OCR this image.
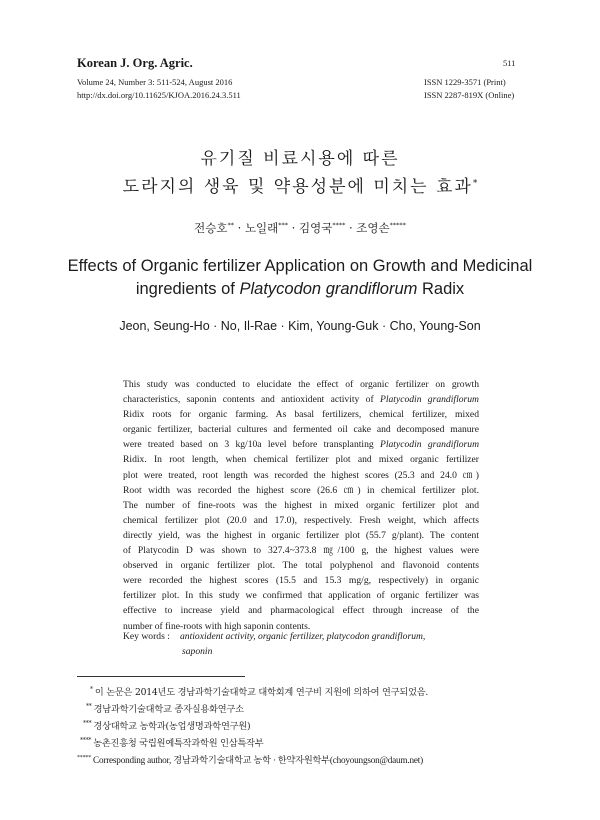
Korean J. Org. Agric.
Volume 24, Number 3: 511-524, August 2016
http://dx.doi.org/10.11625/KJOA.2016.24.3.511
511
ISSN 1229-3571 (Print)
ISSN 2287-819X (Online)
유기질 비료시용에 따른
도라지의 생육 및 약용성분에 미치는 효과*
전승호** · 노일래*** · 김영국**** · 조영손*****
Effects of Organic fertilizer Application on Growth and Medicinal
ingredients of Platycodon grandiflorum Radix
Jeon, Seung-Ho · No, Il-Rae · Kim, Young-Guk · Cho, Young-Son
This study was conducted to elucidate the effect of organic fertilizer on growth
characteristics, saponin contents and antioxident activity of Platycodin grandiflorum
Ridix roots for organic farming. As basal fertilizers, chemical fertilizer, mixed
organic fertilizer, bacterial cultures and fermented oil cake and decomposed manure
were treated based on 3 kg/10a level before transplanting Platycodin grandiflorum
Ridix. In root length, when chemical fertilizer plot and mixed organic fertilizer
plot were treated, root length was recorded the highest scores (25.3 and 24.0 ㎝)
Root width was recorded the highest score (26.6 ㎝) in chemical fertilizer plot.
The number of fine-roots was the highest in mixed organic fertilizer plot and
chemical fertilizer plot (20.0 and 17.0), respectively. Fresh weight, which affects
directly yield, was the highest in organic fertilizer plot (55.7 g/plant). The content
of Platycodin D was shown to 327.4~373.8 ㎎/100 g, the highest values were
observed in organic fertilizer plot. The total polyphenol and flavonoid contents
were recorded the highest scores (15.5 and 15.3 mg/g, respectively) in organic
fertilizer plot. In this study we confirmed that application of organic fertilizer was
effective to increase yield and pharmacological effect through increase of the
number of fine-roots with high saponin contents.
Key words : antioxident activity, organic fertilizer, platycodon grandiflorum,
saponin
* 이 논문은 2014년도 경남과학기술대학교 대학회계 연구비 지원에 의하여 연구되었음.
** 경남과학기술대학교 종자실용화연구소
*** 경상대학교 농학과(농업생명과학연구원)
**** 농촌진흥청 국립원예특작과학원 인삼특작부
***** Corresponding author, 경남과학기술대학교 농학 · 한약자원학부(choyoungson@daum.net)
